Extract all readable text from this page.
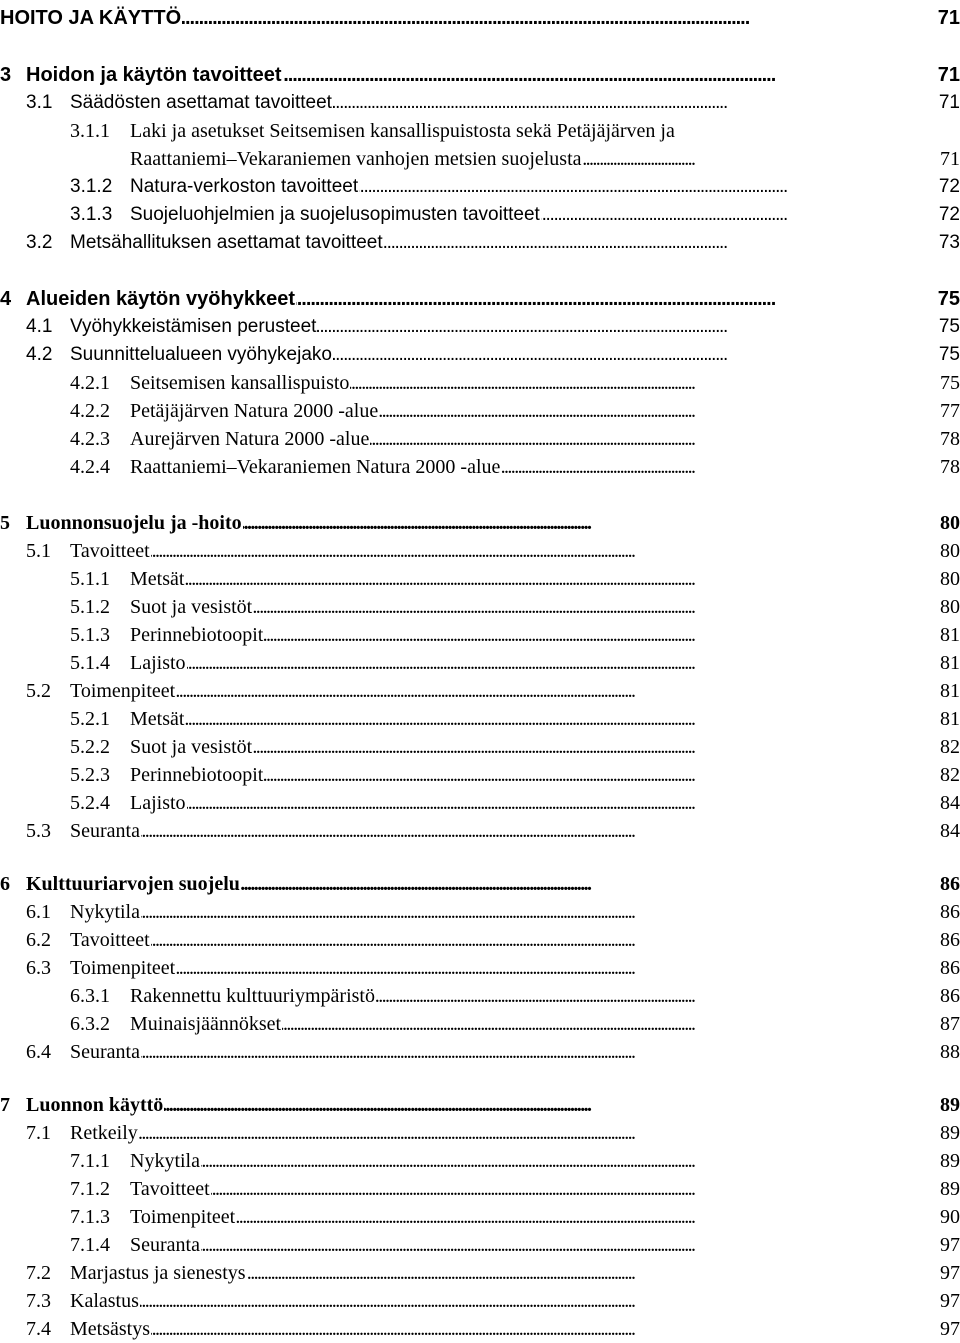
. . .
HOITO JA KÄYTTÖ	71
3 . . . Hoidon ja käytön tavoitteet	71
3.1 . . . Säädösten asettamat tavoitteet	71
3.1.1 Laki ja asetukset Seitsemisen kansallispuistosta sekä Petäjäjärven ja
. . .
Raattaniemi–Vekaraniemen vanhojen metsien suojelusta	71
3.1.2 . . . Natura-verkoston tavoitteet	72
3.1.3 . . . Suojeluohjelmien ja suojelusopimusten tavoitteet	72
3.2 . . . Metsähallituksen asettamat tavoitteet	73
4 . . . Alueiden käytön vyöhykkeet	75
4.1 . . . Vyöhykkeistämisen perusteet	75
4.2 . . . Suunnittelualueen vyöhykejako	75
4.2.1 . . . Seitsemisen kansallispuisto	75
4.2.2 . . . Petäjäjärven Natura 2000 -alue	77
4.2.3 . . . Aurejärven Natura 2000 -alue	78
4.2.4 . . . Raattaniemi–Vekaraniemen Natura 2000 -alue	78
5 . . . Luonnonsuojelu ja -hoito	80
5.1 . . . Tavoitteet	80
5.1.1 . . . Metsät	80
5.1.2 . . . Suot ja vesistöt	80
5.1.3 . . . Perinnebiotoopit	81
5.1.4 . . . Lajisto	81
5.2 . . . Toimenpiteet	81
5.2.1 . . . Metsät	81
5.2.2 . . . Suot ja vesistöt	82
5.2.3 . . . Perinnebiotoopit	82
5.2.4 . . . Lajisto	84
5.3 . . . Seuranta	84
6 . . . Kulttuuriarvojen suojelu	86
6.1 . . . Nykytila	86
6.2 . . . Tavoitteet	86
6.3 . . . Toimenpiteet	86
6.3.1 . . . Rakennettu kulttuuriympäristö	86
6.3.2 . . . Muinaisjäännökset	87
6.4 . . . Seuranta	88
7 . . . Luonnon käyttö	89
7.1 . . . Retkeily	89
7.1.1 . . . Nykytila	89
7.1.2 . . . Tavoitteet	89
7.1.3 . . . Toimenpiteet	90
7.1.4 . . . Seuranta	97
7.2 . . . Marjastus ja sienestys	97
7.3 . . . Kalastus	97
7.4 . . . Metsästys	97
